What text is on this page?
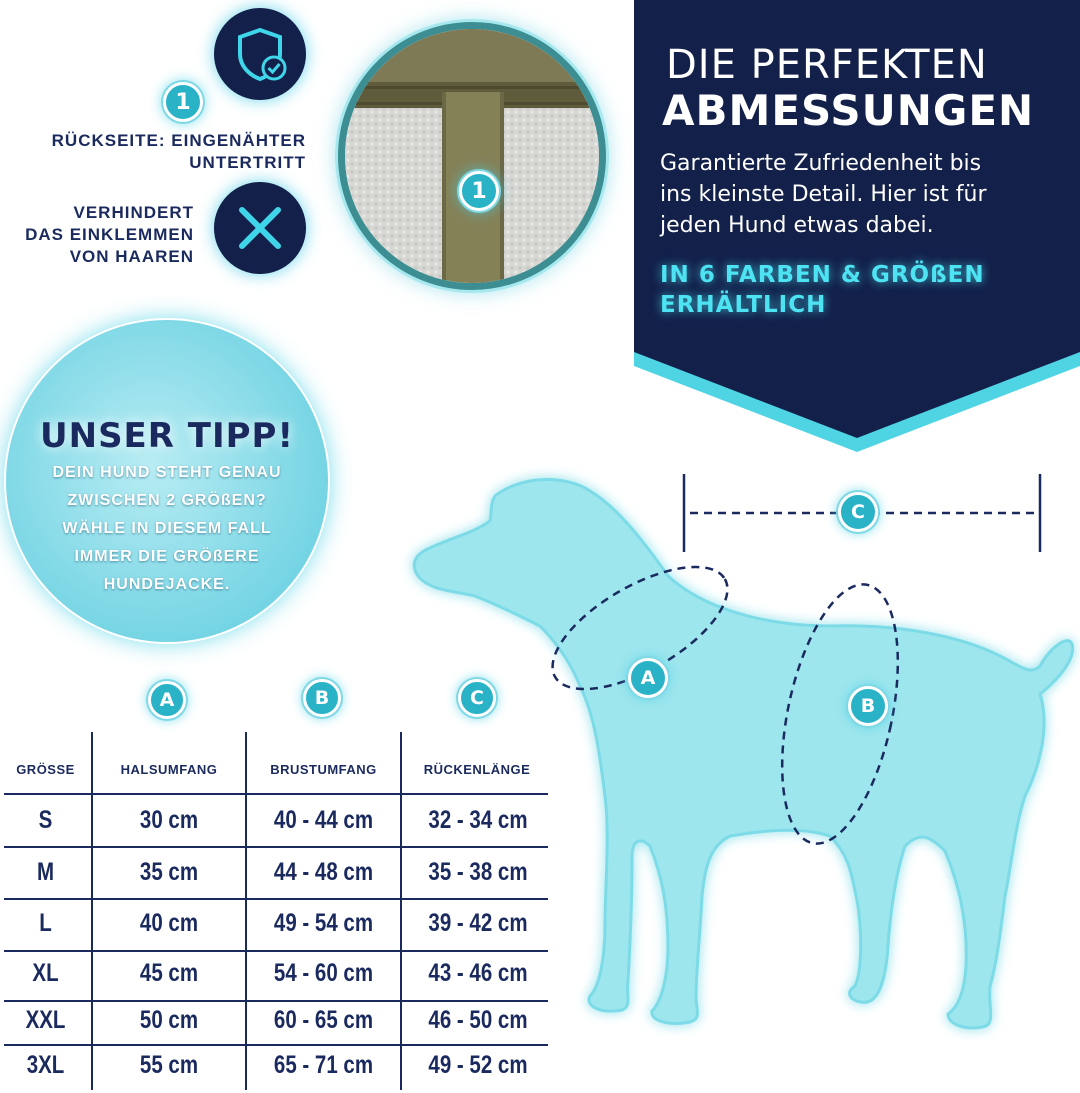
1
RÜCKSEITE: EINGENÄHTER
UNTERTRITT
VERHINDERT
DAS EINKLEMMEN
VON HAAREN
1
DIE PERFEKTEN
ABMESSUNGEN
Garantierte Zufriedenheit bis
ins kleinste Detail. Hier ist für
jeden Hund etwas dabei.
IN 6 FARBEN & GRÖßEN
ERHÄLTLICH
UNSER TIPP!
DEIN HUND STEHT GENAU
ZWISCHEN 2 GRÖßEN?
WÄHLE IN DIESEM FALL
IMMER DIE GRÖßERE
HUNDEJACKE.
A
B
C
A	B	C
GRÖSSE	HALSUMFANG	BRUSTUMFANG	RÜCKENLÄNGE
S	30 cm	40 - 44 cm	32 - 34 cm
M	35 cm	44 - 48 cm	35 - 38 cm
L	40 cm	49 - 54 cm	39 - 42 cm
XL	45 cm	54 - 60 cm	43 - 46 cm
XXL	50 cm	60 - 65 cm	46 - 50 cm
3XL	55 cm	65 - 71 cm	49 - 52 cm
